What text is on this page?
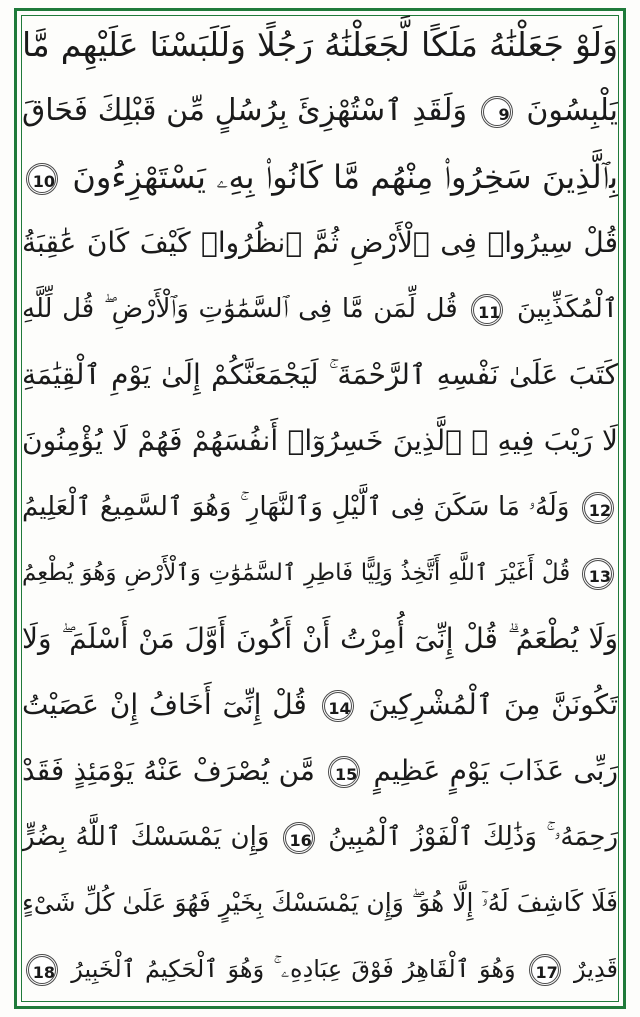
وَلَوْ جَعَلْنَٰهُ مَلَكًا لَّجَعَلْنَٰهُ رَجُلًا وَلَلَبَسْنَا عَلَيْهِم مَّا
يَلْبِسُونَ 9 وَلَقَدِ ٱسْتُهْزِئَ بِرُسُلٍ مِّن قَبْلِكَ فَحَاقَ
بِٱلَّذِينَ سَخِرُوا۟ مِنْهُم مَّا كَانُوا۟ بِهِۦ يَسْتَهْزِءُونَ 10
قُلْ سِيرُوا۟ فِى ٱلْأَرْضِ ثُمَّ ٱنظُرُوا۟ كَيْفَ كَانَ عَٰقِبَةُ
ٱلْمُكَذِّبِينَ 11 قُل لِّمَن مَّا فِى ٱلسَّمَٰوَٰتِ وَٱلْأَرْضِ ۖ قُل لِّلَّهِ
كَتَبَ عَلَىٰ نَفْسِهِ ٱلرَّحْمَةَ ۚ لَيَجْمَعَنَّكُمْ إِلَىٰ يَوْمِ ٱلْقِيَٰمَةِ
لَا رَيْبَ فِيهِ ۚ ٱلَّذِينَ خَسِرُوٓا۟ أَنفُسَهُمْ فَهُمْ لَا يُؤْمِنُونَ
12 وَلَهُۥ مَا سَكَنَ فِى ٱلَّيْلِ وَٱلنَّهَارِ ۚ وَهُوَ ٱلسَّمِيعُ ٱلْعَلِيمُ
13 قُلْ أَغَيْرَ ٱللَّهِ أَتَّخِذُ وَلِيًّا فَاطِرِ ٱلسَّمَٰوَٰتِ وَٱلْأَرْضِ وَهُوَ يُطْعِمُ
وَلَا يُطْعَمُ ۗ قُلْ إِنِّىٓ أُمِرْتُ أَنْ أَكُونَ أَوَّلَ مَنْ أَسْلَمَ ۖ وَلَا
تَكُونَنَّ مِنَ ٱلْمُشْرِكِينَ 14 قُلْ إِنِّىٓ أَخَافُ إِنْ عَصَيْتُ
رَبِّى عَذَابَ يَوْمٍ عَظِيمٍ 15 مَّن يُصْرَفْ عَنْهُ يَوْمَئِذٍ فَقَدْ
رَحِمَهُۥ ۚ وَذَٰلِكَ ٱلْفَوْزُ ٱلْمُبِينُ 16 وَإِن يَمْسَسْكَ ٱللَّهُ بِضُرٍّ
فَلَا كَاشِفَ لَهُۥٓ إِلَّا هُوَ ۖ وَإِن يَمْسَسْكَ بِخَيْرٍ فَهُوَ عَلَىٰ كُلِّ شَىْءٍ
قَدِيرٌ 17 وَهُوَ ٱلْقَاهِرُ فَوْقَ عِبَادِهِۦ ۚ وَهُوَ ٱلْحَكِيمُ ٱلْخَبِيرُ 18
